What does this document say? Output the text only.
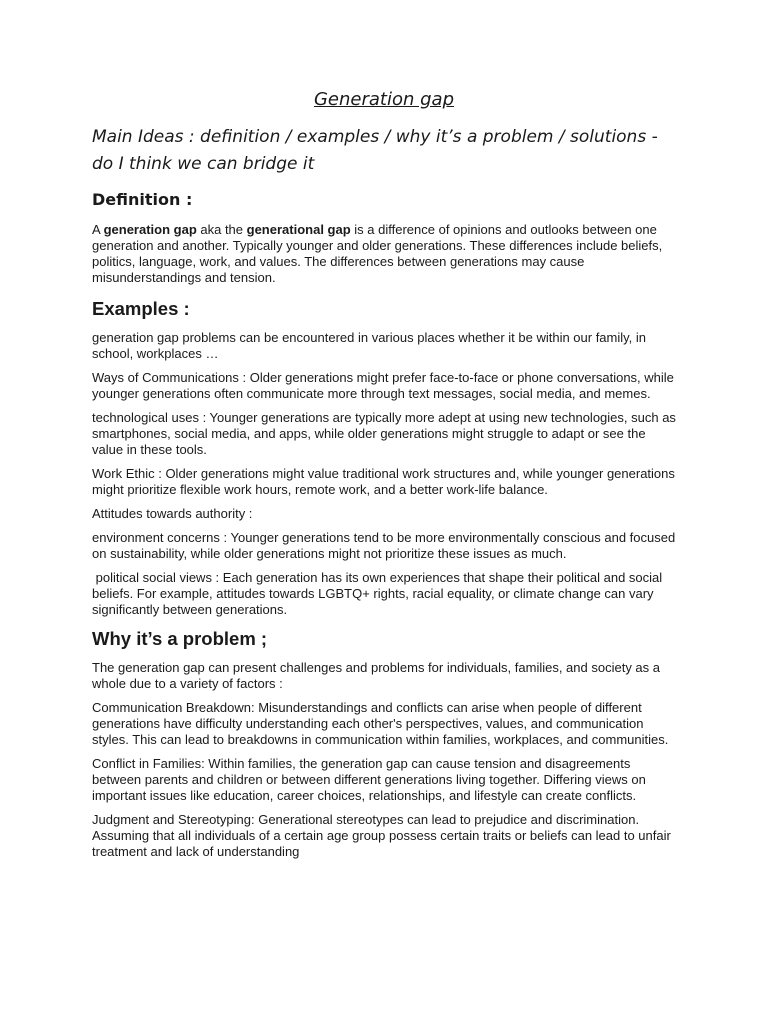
Generation gap
Main Ideas : definition / examples / why it’s a problem / solutions - do I think we can bridge it
Definition :

A generation gap aka the generational gap is a difference of opinions and outlooks between one generation and another. Typically younger and older generations. These differences include beliefs, politics, language, work, and values. The differences between generations may cause misunderstandings and tension.

Examples :

generation gap problems can be encountered in various places whether it be within our family, in school, workplaces …

Ways of Communications : Older generations might prefer face-to-face or phone conversations, while younger generations often communicate more through text messages, social media, and memes.

technological uses : Younger generations are typically more adept at using new technologies, such as smartphones, social media, and apps, while older generations might struggle to adapt or see the value in these tools.

Work Ethic : Older generations might value traditional work structures and, while younger generations might prioritize flexible work hours, remote work, and a better work-life balance.

Attitudes towards authority :

environment concerns : Younger generations tend to be more environmentally conscious and focused on sustainability, while older generations might not prioritize these issues as much.

political social views : Each generation has its own experiences that shape their political and social beliefs. For example, attitudes towards LGBTQ+ rights, racial equality, or climate change can vary significantly between generations.

Why it’s a problem ;

The generation gap can present challenges and problems for individuals, families, and society as a whole due to a variety of factors :

Communication Breakdown: Misunderstandings and conflicts can arise when people of different generations have difficulty understanding each other's perspectives, values, and communication styles. This can lead to breakdowns in communication within families, workplaces, and communities.

Conflict in Families: Within families, the generation gap can cause tension and disagreements between parents and children or between different generations living together. Differing views on important issues like education, career choices, relationships, and lifestyle can create conflicts.

Judgment and Stereotyping: Generational stereotypes can lead to prejudice and discrimination. Assuming that all individuals of a certain age group possess certain traits or beliefs can lead to unfair treatment and lack of understanding
